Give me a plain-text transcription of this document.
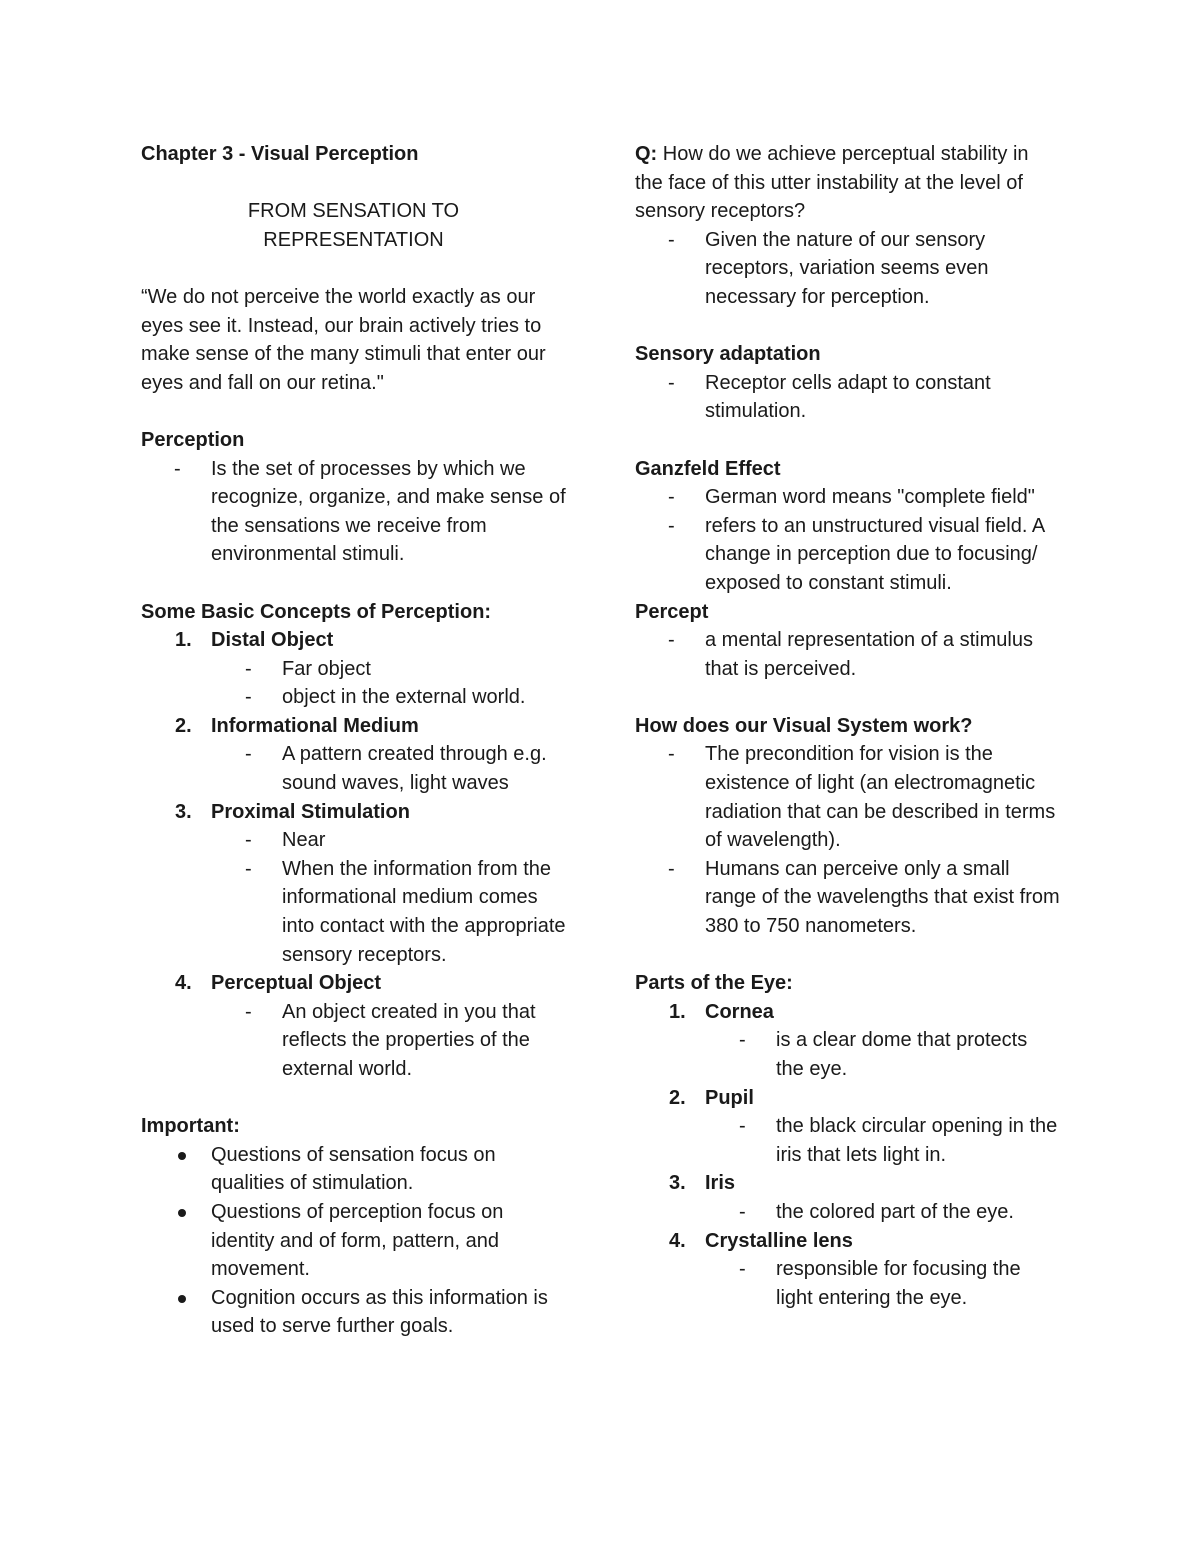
Chapter 3 - Visual Perception

FROM SENSATION TO

REPRESENTATION

“We do not perceive the world exactly as our eyes see it. Instead, our brain actively tries to make sense of the many stimuli that enter our eyes and fall on our retina."

Perception

- Is the set of processes by which we recognize, organize, and make sense of the sensations we receive from environmental stimuli.

Some Basic Concepts of Perception:

1. Distal Object
- Far object
- object in the external world.
2. Informational Medium
- A pattern created through e.g. sound waves, light waves
3. Proximal Stimulation
- Near
- When the information from the informational medium comes into contact with the appropriate sensory receptors.
4. Perceptual Object
- An object created in you that reflects the properties of the external world.

Important:

Questions of sensation focus on qualities of stimulation.
Questions of perception focus on identity and of form, pattern, and movement.
Cognition occurs as this information is used to serve further goals.

Q: How do we achieve perceptual stability in the face of this utter instability at the level of sensory receptors?

- Given the nature of our sensory receptors, variation seems even necessary for perception.

Sensory adaptation

- Receptor cells adapt to constant stimulation.

Ganzfeld Effect

- German word means "complete field"
- refers to an unstructured visual field. A change in perception due to focusing/ exposed to constant stimuli.

Percept

- a mental representation of a stimulus that is perceived.

How does our Visual System work?

- The precondition for vision is the existence of light (an electromagnetic radiation that can be described in terms of wavelength).
- Humans can perceive only a small range of the wavelengths that exist from 380 to 750 nanometers.

Parts of the Eye:

1. Cornea
- is a clear dome that protects the eye.
2. Pupil
- the black circular opening in the iris that lets light in.
3. Iris
- the colored part of the eye.
4. Crystalline lens
- responsible for focusing the light entering the eye.
